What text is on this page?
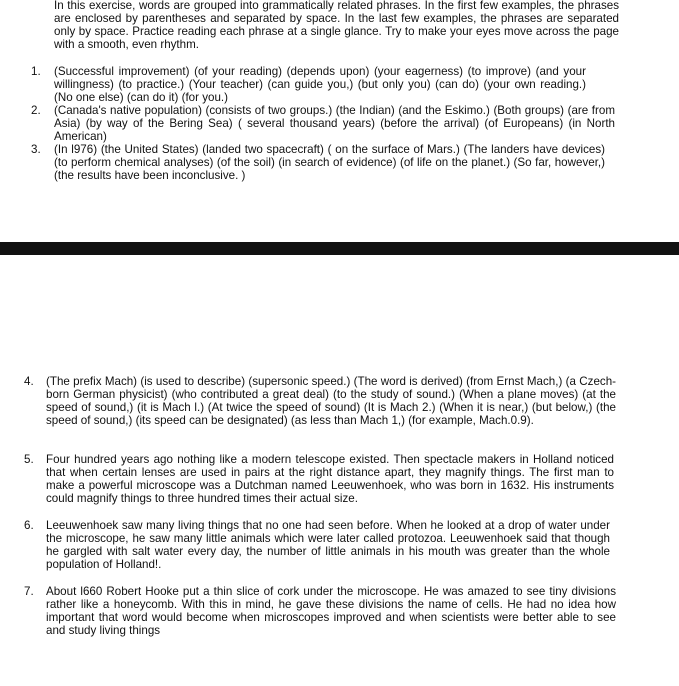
In this exercise, words are grouped into grammatically related phrases. In the first few examples, the phrases are enclosed by parentheses and separated by space. In the last few examples, the phrases are separated only by space. Practice reading each phrase at a single glance. Try to make your eyes move across the page with a smooth, even rhythm.
1.	(Successful improvement) (of your reading) (depends upon) (your eagerness) (to improve) (and your willingness) (to practice.) (Your teacher) (can guide you,) (but only you) (can do) (your own reading.) (No one else) (can do it) (for you.)
2.	(Canada's native population) (consists of two groups.) (the Indian) (and the Eskimo.) (Both groups) (are from Asia) (by way of the Bering Sea) ( several thousand years) (before the arrival) (of Europeans) (in North American)
3.	(In l976) (the United States) (landed two spacecraft) ( on the surface of Mars.) (The landers have devices) (to perform chemical analyses) (of the soil) (in search of evidence) (of life on the planet.) (So far, however,) (the results have been inconclusive. )
4.	(The prefix Mach) (is used to describe) (supersonic speed.) (The word is derived) (from Ernst Mach,) (a Czech-born German physicist) (who contributed a great deal) (to the study of sound.) (When a plane moves) (at the speed of sound,) (it is Mach l.) (At twice the speed of sound) (It is Mach 2.) (When it is near,) (but below,) (the speed of sound,) (its speed can be designated) (as less than Mach 1,) (for example, Mach.0.9).
5.	Four hundred years ago nothing like a modern telescope existed. Then spectacle makers in Holland noticed that when certain lenses are used in pairs at the right distance apart, they magnify things. The first man to make a powerful microscope was a Dutchman named Leeuwenhoek, who was born in 1632. His instruments could magnify things to three hundred times their actual size.
6.	Leeuwenhoek saw many living things that no one had seen before. When he looked at a drop of water under the microscope, he saw many little animals which were later called protozoa. Leeuwenhoek said that though he gargled with salt water every day, the number of little animals in his mouth was greater than the whole population of Holland!.
7.	About l660 Robert Hooke put a thin slice of cork under the microscope. He was amazed to see tiny divisions rather like a honeycomb. With this in mind, he gave these divisions the name of cells. He had no idea how important that word would become when microscopes improved and when scientists were better able to see and study living things
